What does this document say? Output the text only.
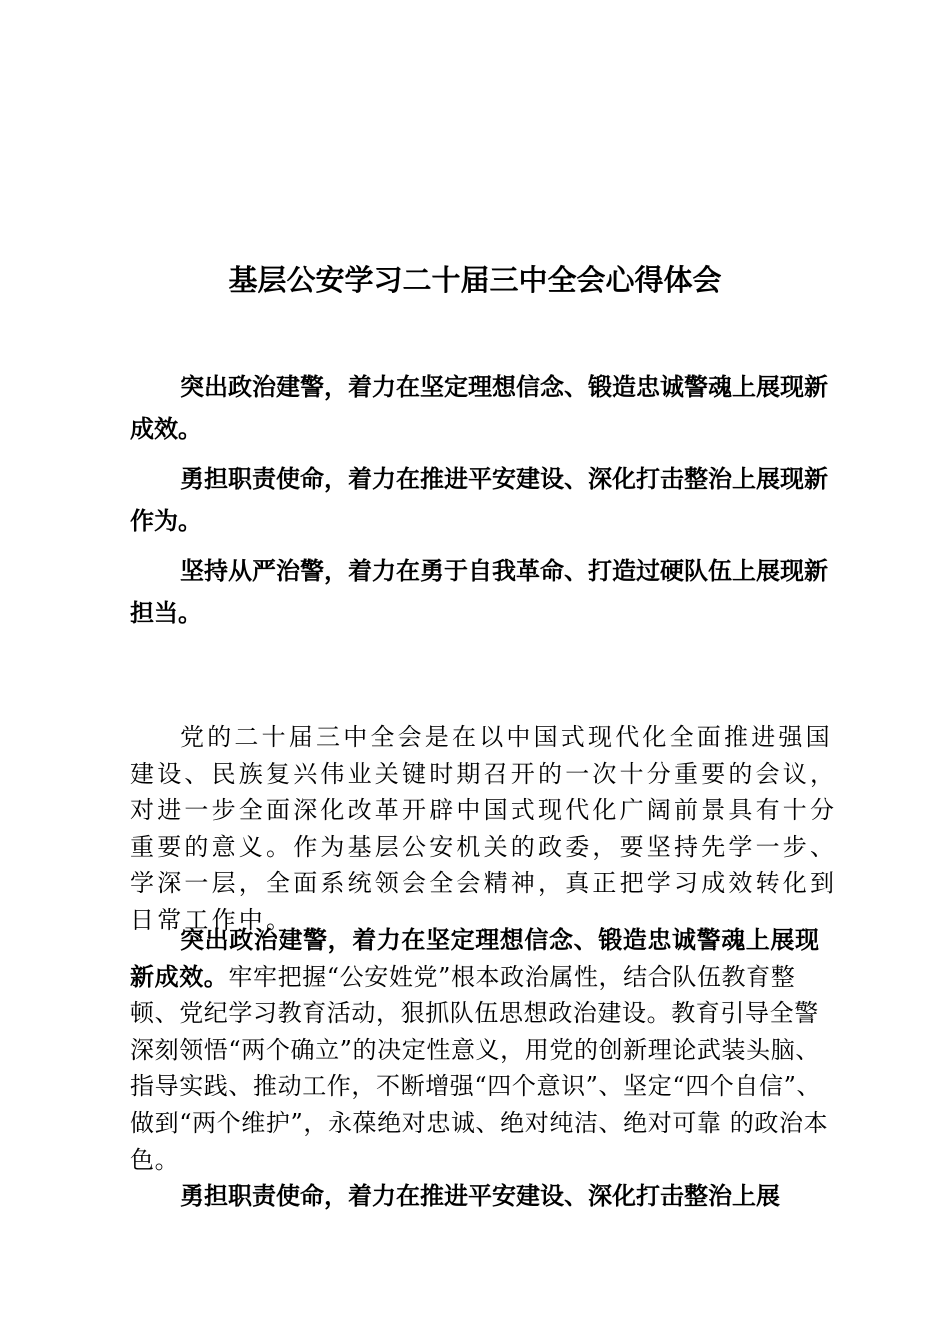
基层公安学习二十届三中全会心得体会

突出政治建警，着力在坚定理想信念、锻造忠诚警魂上展现新成效。

勇担职责使命，着力在推进平安建设、深化打击整治上展现新作为。

坚持从严治警，着力在勇于自我革命、打造过硬队伍上展现新担当。

党的二十届三中全会是在以中国式现代化全面推进强国建设、民族复兴伟业关键时期召开的一次十分重要的会议，对进一步全面深化改革开辟中国式现代化广阔前景具有十分重要的意义。作为基层公安机关的政委，要坚持先学一步、学深一层，全面系统领会全会精神，真正把学习成效转化到日常工作中。

突出政治建警，着力在坚定理想信念、锻造忠诚警魂上展现新成效。牢牢把握“公安姓党”根本政治属性，结合队伍教育整顿、党纪学习教育活动，狠抓队伍思想政治建设。教育引导全警深刻领悟“两个确立”的决定性意义，用党的创新理论武装头脑、指导实践、推动工作，不断增强“四个意识”、坚定“四个自信”、做到“两个维护”，永葆绝对忠诚、绝对纯洁、绝对可靠 的政治本色。

勇担职责使命，着力在推进平安建设、深化打击整治上展
